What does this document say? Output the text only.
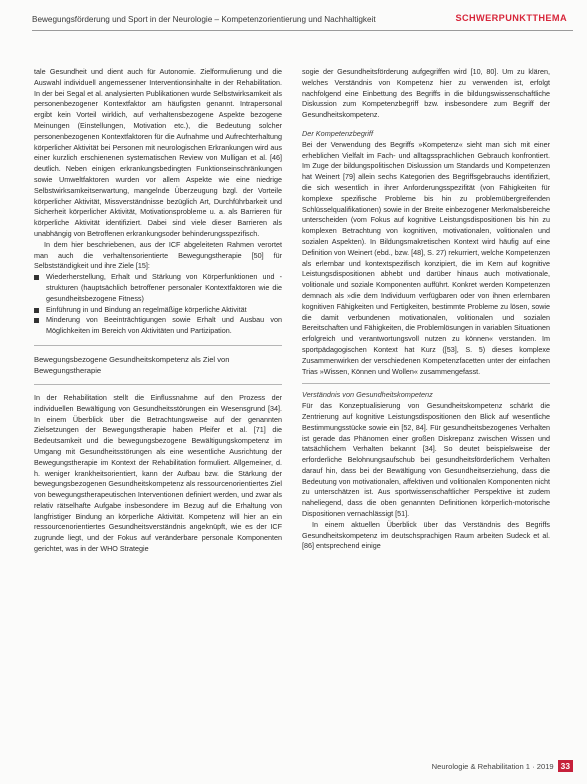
Bewegungsförderung und Sport in der Neurologie – Kompetenzorientierung und Nachhaltigkeit	SCHWERPUNKTTHEMA

tale Gesundheit und dient auch für Autonomie. Zielformulierung und die Auswahl individuell angemessener Interventionsinhalte in der Rehabilitation. In der bei Segal et al. analysierten Publikationen wurde Selbstwirksamkeit als personenbezogener Kontextfaktor am häufigsten genannt. Intrapersonal ergibt kein Vorteil wirklich, auf verhaltensbezogene Aspekte bezogene Meinungen (Einstellungen, Motivation etc.), die Bedeutung solcher personenbezogenen Kontextfaktoren für die Aufnahme und Aufrechterhaltung körperlicher Aktivität bei Personen mit neurologischen Erkrankungen wird aus einer kurzlich erschienenen systematischen Review von Mulligan et al. [46] deutlich. Neben einigen erkrankungsbedingten Funktionseinschränkungen sowie Umweltfaktoren wurden vor allem Aspekte wie eine niedrige Selbstwirksamkeitserwartung, mangelnde Überzeugung bzgl. der Vorteile körperlicher Aktivität, Missverständnisse bezüglich Art, Durchführbarkeit und Sicherheit körperlicher Aktivität, Motivationsprobleme u. a. als Barrieren für körperliche Aktivität identifiziert. Dabei sind viele dieser Barrieren als unabhängig von Betroffenen erkrankungsoder behinderungsspezifisch.

In dem hier beschriebenen, aus der ICF abgeleiteten Rahmen verortet man auch die verhaltensorientierte Bewegungstherapie [50] für Selbstständigkeit und ihre Ziele [15]:

Wiederherstellung, Erhalt und Stärkung von Körperfunktionen und -strukturen (hauptsächlich betroffener personaler Kontextfaktoren wie die gesundheitsbezogene Fitness)
Einführung in und Bindung an regelmäßige körperliche Aktivität
Minderung von Beeinträchtigungen sowie Erhalt und Ausbau von Möglichkeiten im Bereich von Aktivitäten und Partizipation.
Bewegungsbezogene Gesundheitskompetenz als Ziel von Bewegungstherapie

In der Rehabilitation stellt die Einflussnahme auf den Prozess der individuellen Bewältigung von Gesundheitsstörungen ein Wesensgrund [34]. In einem Überblick über die Betrachtungsweise auf der genannten Zielsetzungen der Bewegungstherapie haben Pfeifer et al. [71] die Bedeutsamkeit und die bewegungsbezogene Bewältigungskompetenz im Umgang mit Gesundheitsstörungen als eine wesentliche Ausrichtung der Bewegungstherapie im Kontext der Rehabilitation formuliert. Allgemeiner, d. h. weniger krankheitsorientiert, kann der Aufbau bzw. die Stärkung der bewegungsbezogenen Gesundheitskompetenz als ressourcenorientiertes Ziel von bewegungstherapeutischen Interventionen definiert werden, und zwar als relativ rätselhafte Aufgabe insbesondere im Bezug auf die Erhaltung von langfristiger Bindung an körperliche Aktivität. Kompetenz will hier an ein ressourcenorientiertes Gesundheitsverständnis angeknüpft, wie es der ICF zugrunde liegt, und der Fokus auf veränderbare personale Komponenten gerichtet, was in der WHO Strategie

sogie der Gesundheitsförderung aufgegriffen wird [10, 80]. Um zu klären, welches Verständnis von Kompetenz hier zu verwenden ist, erfolgt nachfolgend eine Einbettung des Begriffs in die bildungswissenschaftliche Diskussion zum Kompetenzbegriff bzw. insbesondere zum Begriff der Gesundheitskompetenz.

Der Kompetenzbegriff

Bei der Verwendung des Begriffs »Kompetenz« sieht man sich mit einer erheblichen Vielfalt im Fach- und alltagssprachlichen Gebrauch konfrontiert. Im Zuge der bildungspolitischen Diskussion um Standards und Kompetenzen hat Weinert [79] allein sechs Kategorien des Begriffsgebrauchs identifiziert, die sich wesentlich in ihrer Anforderungsspezifität (von Fähigkeiten für komplexe spezifische Probleme bis hin zu problemübergreifenden Schlüsselqualifikationen) sowie in der Breite einbezogener Merkmalsbereiche unterscheiden (vom Fokus auf kognitive Leistungsdispositionen bis hin zu komplexen Betrachtung von kognitiven, motivationalen, volitionalen und sozialen Aspekten). In Bildungsmakretischen Kontext wird häufig auf eine Definition von Weinert (ebd., bzw. [48], S. 27) rekurriert, welche Kompetenzen als erlernbar und kontextspezifisch konzipiert, die im Kern auf kognitive Leistungsdispositionen abhebt und darüber hinaus auch motivationale, volitionale und soziale Komponenten aufführt. Konkret werden Kompetenzen demnach als »die dem Individuum verfügbaren oder von ihnen erlernbaren kognitiven Fähigkeiten und Fertigkeiten, bestimmte Probleme zu lösen, sowie die damit verbundenen motivationalen, volitionalen und sozialen Bereitschaften und Fähigkeiten, die Problemlösungen in variablen Situationen erfolgreich und verantwortungsvoll nutzen zu können« verstanden. Im sportpädagogischen Kontext hat Kurz ([53], S. 5) dieses komplexe Zusammenwirken der verschiedenen Kompetenzfacetten unter der einfachen Trias »Wissen, Können und Wollen« zusammengefasst.

Verständnis von Gesundheitskompetenz

Für das Konzeptualisierung von Gesundheitskompetenz schärkt die Zentrierung auf kognitive Leistungsdispositionen den Blick auf wesentliche Bestimmungsstücke sowie ein [52, 84]. Für gesundheitsbezogenes Verhalten ist gerade das Phänomen einer großen Diskrepanz zwischen Wissen und tatsächlichem Verhalten bekannt [34]. So deutet beispielsweise der erforderliche Belohnungsaufschub bei gesundheitsförderlichem Verhalten darauf hin, dass bei der Bewältigung von Gesundheitserziehung, dass die Bedeutung von motivationalen, affektiven und volitionalen Komponenten nicht zu unterschätzen ist. Aus sportwissenschaftlicher Perspektive ist zudem naheliegend, dass die oben genannten Definitionen körperlich-motorische Dispositionen vernachlässigt [51].

In einem aktuellen Überblick über das Verständnis des Begriffs Gesundheitskompetenz im deutschsprachigen Raum arbeiten Sudeck et al. [86] entsprechend einige

Neurologie & Rehabilitation 1 · 2019 33
